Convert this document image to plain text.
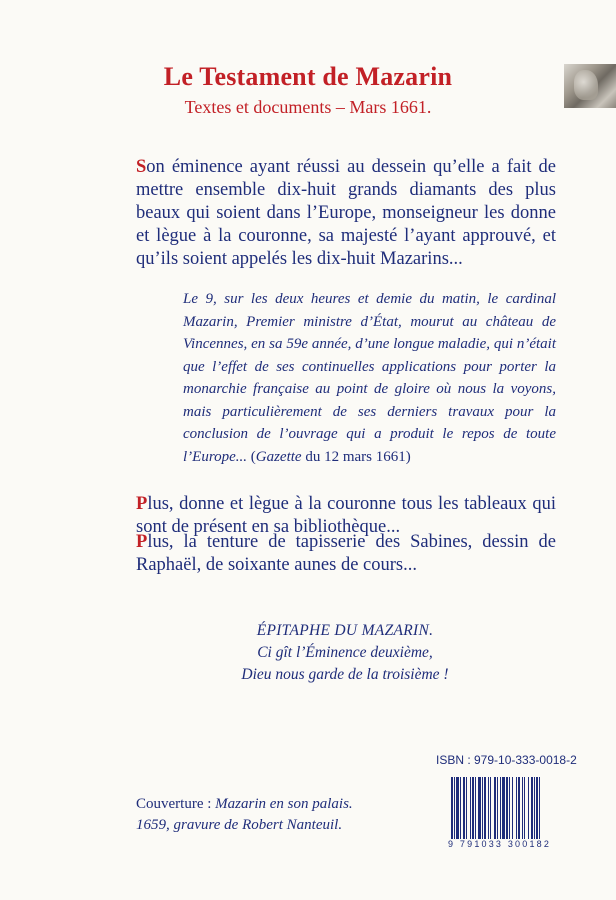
Le Testament de Mazarin
Textes et documents – Mars 1661.

Son éminence ayant réussi au dessein qu’elle a fait de mettre ensemble dix-huit grands diamants des plus beaux qui soient dans l’Europe, monseigneur les donne et lègue à la couronne, sa majesté l’ayant approuvé, et qu’ils soient appelés les dix-huit Mazarins...

Le 9, sur les deux heures et demie du matin, le cardinal Mazarin, Premier ministre d’État, mourut au château de Vincennes, en sa 59e année, d’une longue maladie, qui n’était que l’effet de ses continuelles applications pour porter la monarchie française au point de gloire où nous la voyons, mais particulièrement de ses derniers travaux pour la conclusion de l’ouvrage qui a produit le repos de toute l’Europe... (Gazette du 12 mars 1661)

Plus, donne et lègue à la couronne tous les tableaux qui sont de présent en sa bibliothèque...

Plus, la tenture de tapisserie des Sabines, dessin de Raphaël, de soixante aunes de cours...

ÉPITAPHE DU MAZARIN.
Ci gît l’Éminence deuxième,
Dieu nous garde de la troisième !
ISBN : 979-10-333-0018-2
9 791033 300182
Couverture : Mazarin en son palais.
1659, gravure de Robert Nanteuil.
